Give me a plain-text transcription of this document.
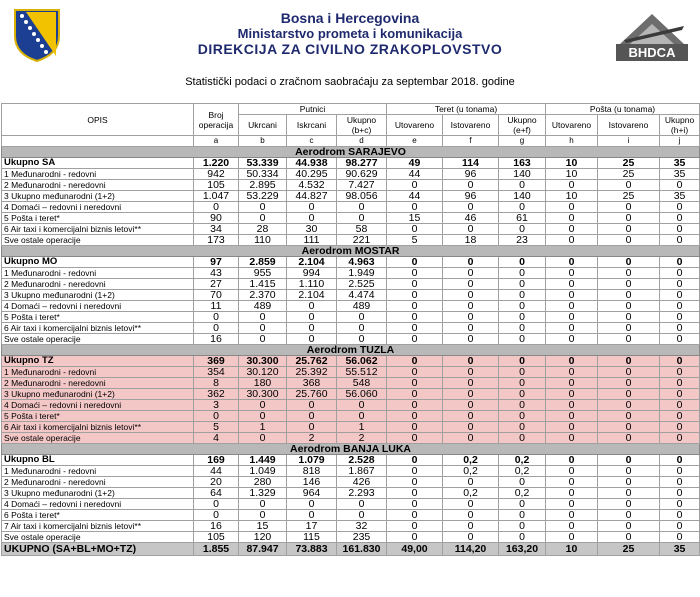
Bosna i Hercegovina
Ministarstvo prometa i komunikacija
DIREKCIJA ZA CIVILNO ZRAKOPLOVSTVO	BHDCA
Statistički podaci o zračnom saobraćaju za septembar 2018. godine
OPIS	Broj operacija	Putnici			Teret (u tonama)			Pošta (u tonama)		
		Ukrcani	Iskrcani	Ukupno (b+c)	Utovareno	Istovareno	Ukupno (e+f)	Utovareno	Istovareno	Ukupno (h+i)
	a	b	c	d	e	f	g	h	i	j
Aerodrom SARAJEVO										
Ukupno SA	1.220	53.339	44.938	98.277	49	114	163	10	25	35
1 Međunarodni - redovni	942	50.334	40.295	90.629	44	96	140	10	25	35
2 Međunarodni - neredovni	105	2.895	4.532	7.427	0	0	0	0	0	0
3 Ukupno međunarodni (1+2)	1.047	53.229	44.827	98.056	44	96	140	10	25	35
4 Domaći – redovni i neredovni	0	0	0	0	0	0	0	0	0	0
5 Pošta i teret*	90	0	0	0	15	46	61	0	0	0
6 Air taxi i komercijalni biznis letovi**	34	28	30	58	0	0	0	0	0	0
Sve ostale operacije	173	110	111	221	5	18	23	0	0	0
Aerodrom MOSTAR										
Ukupno MO	97	2.859	2.104	4.963	0	0	0	0	0	0
1 Međunarodni - redovni	43	955	994	1.949	0	0	0	0	0	0
2 Međunarodni - neredovni	27	1.415	1.110	2.525	0	0	0	0	0	0
3 Ukupno međunarodni (1+2)	70	2.370	2.104	4.474	0	0	0	0	0	0
4 Domaći – redovni i neredovni	11	489	0	489	0	0	0	0	0	0
5 Pošta i teret*	0	0	0	0	0	0	0	0	0	0
6 Air taxi i komercijalni biznis letovi**	0	0	0	0	0	0	0	0	0	0
Sve ostale operacije	16	0	0	0	0	0	0	0	0	0
Aerodrom TUZLA										
Ukupno TZ	369	30.300	25.762	56.062	0	0	0	0	0	0
1 Međunarodni - redovni	354	30.120	25.392	55.512	0	0	0	0	0	0
2 Međunarodni - neredovni	8	180	368	548	0	0	0	0	0	0
3 Ukupno međunarodni (1+2)	362	30.300	25.760	56.060	0	0	0	0	0	0
4 Domaći – redovni i neredovni	3	0	0	0	0	0	0	0	0	0
5 Pošta i teret*	0	0	0	0	0	0	0	0	0	0
6 Air taxi i komercijalni biznis letovi**	5	1	0	1	0	0	0	0	0	0
Sve ostale operacije	4	0	2	2	0	0	0	0	0	0
Aerodrom BANJA LUKA										
Ukupno BL	169	1.449	1.079	2.528	0	0,2	0,2	0	0	0
1 Međunarodni - redovni	44	1.049	818	1.867	0	0,2	0,2	0	0	0
2 Međunarodni - neredovni	20	280	146	426	0	0	0	0	0	0
3 Ukupno međunarodni (1+2)	64	1.329	964	2.293	0	0,2	0,2	0	0	0
4 Domaći – redovni i neredovni	0	0	0	0	0	0	0	0	0	0
6 Pošta i teret*	0	0	0	0	0	0	0	0	0	0
7 Air taxi i komercijalni biznis letovi**	16	15	17	32	0	0	0	0	0	0
Sve ostale operacije	105	120	115	235	0	0	0	0	0	0
UKUPNO (SA+BL+MO+TZ)	1.855	87.947	73.883	161.830	49,00	114,20	163,20	10	25	35
